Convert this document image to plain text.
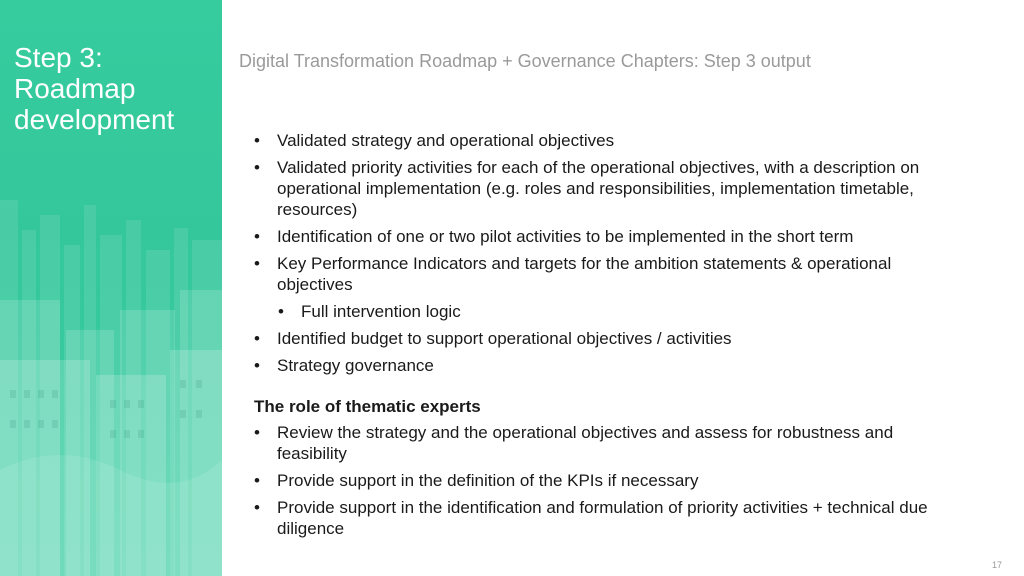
Step 3:
Roadmap
development
Digital Transformation Roadmap + Governance Chapters: Step 3 output
• Validated strategy and operational objectives
• Validated priority activities for each of the operational objectives, with a description on operational implementation (e.g. roles and responsibilities, implementation timetable, resources)
• Identification of one or two pilot activities to be implemented in the short term
• Key Performance Indicators and targets for the ambition statements & operational objectives
• Full intervention logic
• Identified budget to support operational objectives / activities
• Strategy governance
The role of thematic experts
• Review the strategy and the operational objectives and assess for robustness and feasibility
• Provide support in the definition of the KPIs if necessary
• Provide support in the identification and formulation of priority activities + technical due diligence
17
